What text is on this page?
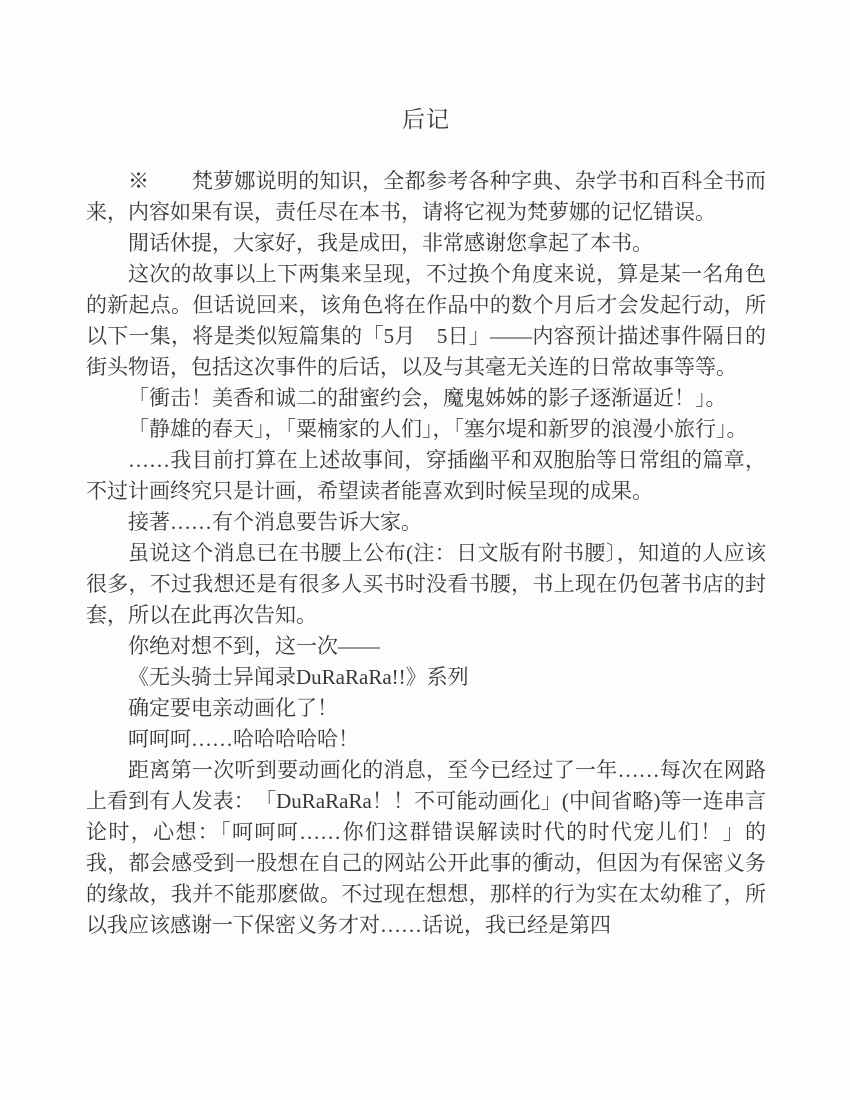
后记

※　　梵萝娜说明的知识，全都参考各种字典、杂学书和百科全书而来，内容如果有误，责任尽在本书，请将它视为梵萝娜的记忆错误。

閒话休提，大家好，我是成田，非常感谢您拿起了本书。

这次的故事以上下两集来呈现，不过换个角度来说，算是某一名角色的新起点。但话说回来，该角色将在作品中的数个月后才会发起行动，所以下一集，将是类似短篇集的「5月　5日」——内容预计描述事件隔日的街头物语，包括这次事件的后话，以及与其毫无关连的日常故事等等。

「衝击！美香和诚二的甜蜜约会，魔鬼姊姊的影子逐渐逼近！」。

「静雄的春天」，「粟楠家的人们」，「塞尔堤和新罗的浪漫小旅行」。

……我目前打算在上述故事间，穿插幽平和双胞胎等日常组的篇章，不过计画终究只是计画，希望读者能喜欢到时候呈现的成果。

接著……有个消息要告诉大家。

虽说这个消息已在书腰上公布(注：日文版有附书腰〕，知道的人应该很多，不过我想还是有很多人买书时没看书腰，书上现在仍包著书店的封套，所以在此再次告知。

你绝对想不到，这一次——

《无头骑士异闻录DuRaRaRa!!》系列

确定要电亲动画化了！

呵呵呵……哈哈哈哈哈！

距离第一次听到要动画化的消息，至今已经过了一年……每次在网路上看到有人发表：　「DuRaRaRa！！不可能动画化」(中间省略)等一连串言论时，心想：「呵呵呵……你们这群错误解读时代的时代宠儿们！」的我，都会感受到一股想在自己的网站公开此事的衝动，但因为有保密义务的缘故，我并不能那麽做。不过现在想想，那样的行为实在太幼稚了，所以我应该感谢一下保密义务才对……话说，我已经是第四
